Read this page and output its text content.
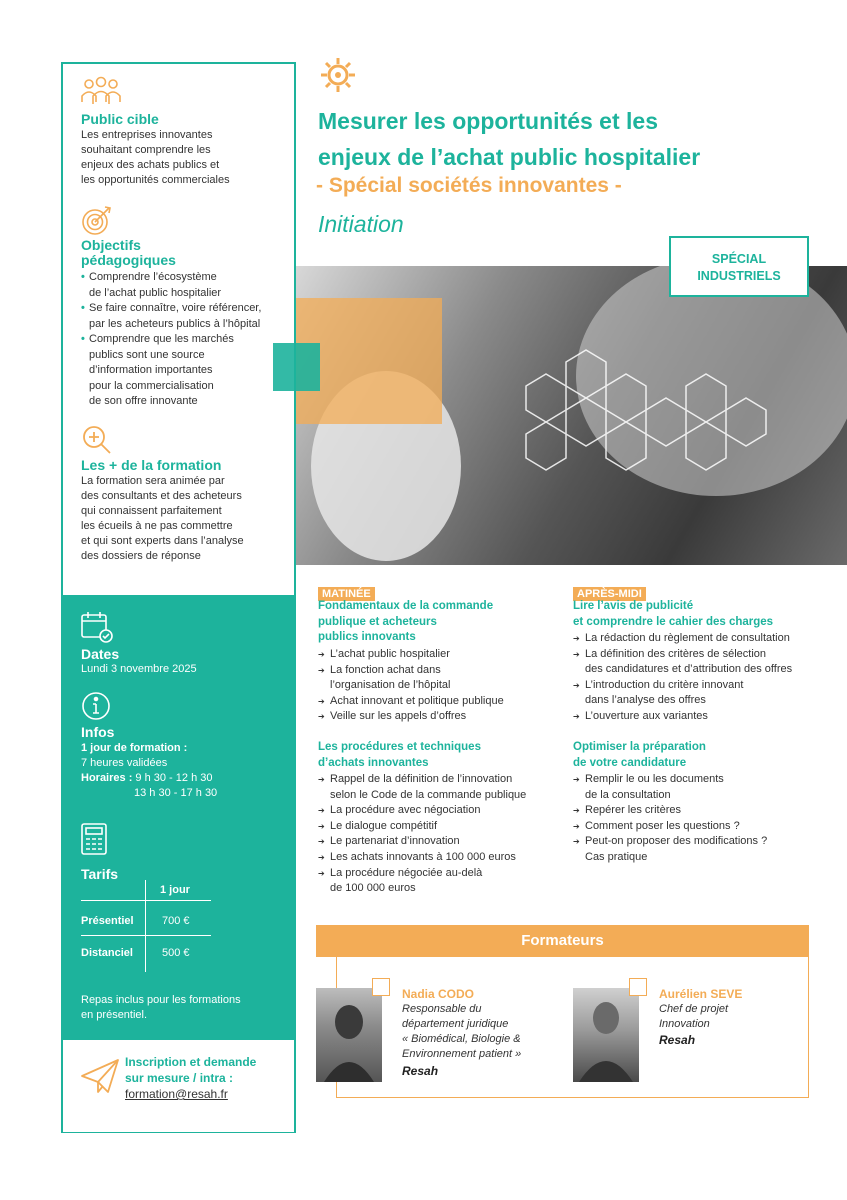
Public cible
Les entreprises innovantes
souhaitant comprendre les
enjeux des achats publics et
les opportunités commerciales
Objectifs
pédagogiques
• Comprendre l’écosystème
de l’achat public hospitalier
• Se faire connaître, voire référencer,
par les acheteurs publics à l’hôpital
• Comprendre que les marchés
publics sont une source
d’information importantes
pour la commercialisation
de son offre innovante
Les + de la formation
La formation sera animée par
des consultants et des acheteurs
qui connaissent parfaitement
les écueils à ne pas commettre
et qui sont experts dans l’analyse
des dossiers de réponse
Dates
Lundi 3 novembre 2025
Infos
1 jour de formation :
7 heures validées
Horaires : 9 h 30 - 12 h 30
13 h 30 - 17 h 30
Tarifs
1 jour
Présentiel	700 €
Distanciel	500 €
Repas inclus pour les formations
en présentiel.
Inscription et demande
sur mesure / intra :
formation@resah.fr
Mesurer les opportunités et les
enjeux de l’achat public hospitalier
- Spécial sociétés innovantes -
Initiation
SPÉCIAL
INDUSTRIELS
MATINÉE
Fondamentaux de la commande
publique et acheteurs
publics innovants
➔ L’achat public hospitalier
➔ La fonction achat dans
l’organisation de l’hôpital
➔ Achat innovant et politique publique
➔ Veille sur les appels d’offres
Les procédures et techniques
d’achats innovantes
➔ Rappel de la définition de l’innovation
selon le Code de la commande publique
➔ La procédure avec négociation
➔ Le dialogue compétitif
➔ Le partenariat d’innovation
➔ Les achats innovants à 100 000 euros
➔ La procédure négociée au-delà
de 100 000 euros
APRÈS-MIDI
Lire l’avis de publicité
et comprendre le cahier des charges
➔ La rédaction du règlement de consultation
➔ La définition des critères de sélection
des candidatures et d’attribution des offres
➔ L’introduction du critère innovant
dans l’analyse des offres
➔ L’ouverture aux variantes
Optimiser la préparation
de votre candidature
➔ Remplir le ou les documents
de la consultation
➔ Repérer les critères
➔ Comment poser les questions ?
➔ Peut-on proposer des modifications ?
Cas pratique
Formateurs
Nadia CODO
Responsable du
département juridique
« Biomédical, Biologie &
Environnement patient »
Resah
Aurélien SEVE
Chef de projet
Innovation
Resah
